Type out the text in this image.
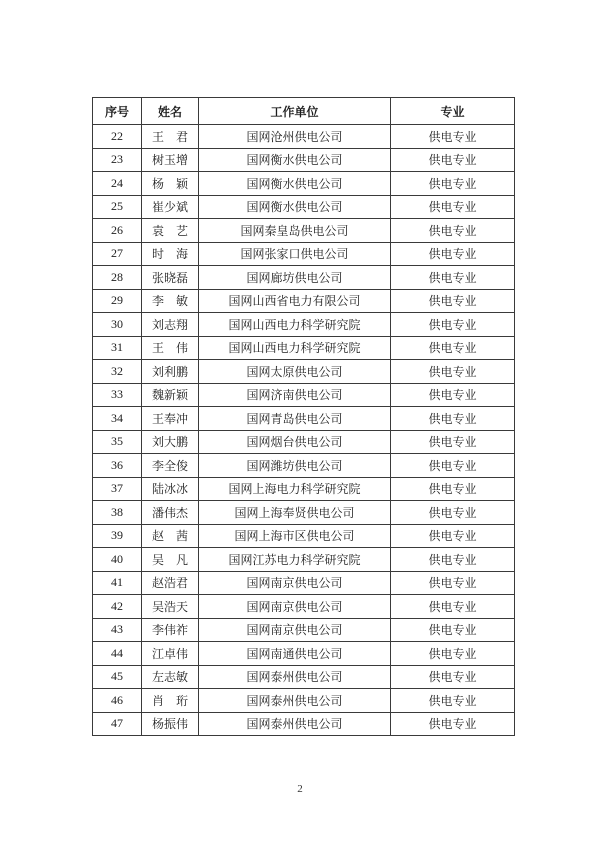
序号	姓名	工作单位	专业
22	王　君	国网沧州供电公司	供电专业
23	树玉增	国网衡水供电公司	供电专业
24	杨　颖	国网衡水供电公司	供电专业
25	崔少斌	国网衡水供电公司	供电专业
26	袁　艺	国网秦皇岛供电公司	供电专业
27	时　海	国网张家口供电公司	供电专业
28	张晓磊	国网廊坊供电公司	供电专业
29	李　敏	国网山西省电力有限公司	供电专业
30	刘志翔	国网山西电力科学研究院	供电专业
31	王　伟	国网山西电力科学研究院	供电专业
32	刘利鹏	国网太原供电公司	供电专业
33	魏新颖	国网济南供电公司	供电专业
34	王奉冲	国网青岛供电公司	供电专业
35	刘大鹏	国网烟台供电公司	供电专业
36	李全俊	国网潍坊供电公司	供电专业
37	陆冰冰	国网上海电力科学研究院	供电专业
38	潘伟杰	国网上海奉贤供电公司	供电专业
39	赵　茜	国网上海市区供电公司	供电专业
40	吴　凡	国网江苏电力科学研究院	供电专业
41	赵浩君	国网南京供电公司	供电专业
42	吴浩天	国网南京供电公司	供电专业
43	李伟祚	国网南京供电公司	供电专业
44	江卓伟	国网南通供电公司	供电专业
45	左志敏	国网泰州供电公司	供电专业
46	肖　珩	国网泰州供电公司	供电专业
47	杨振伟	国网泰州供电公司	供电专业
2
